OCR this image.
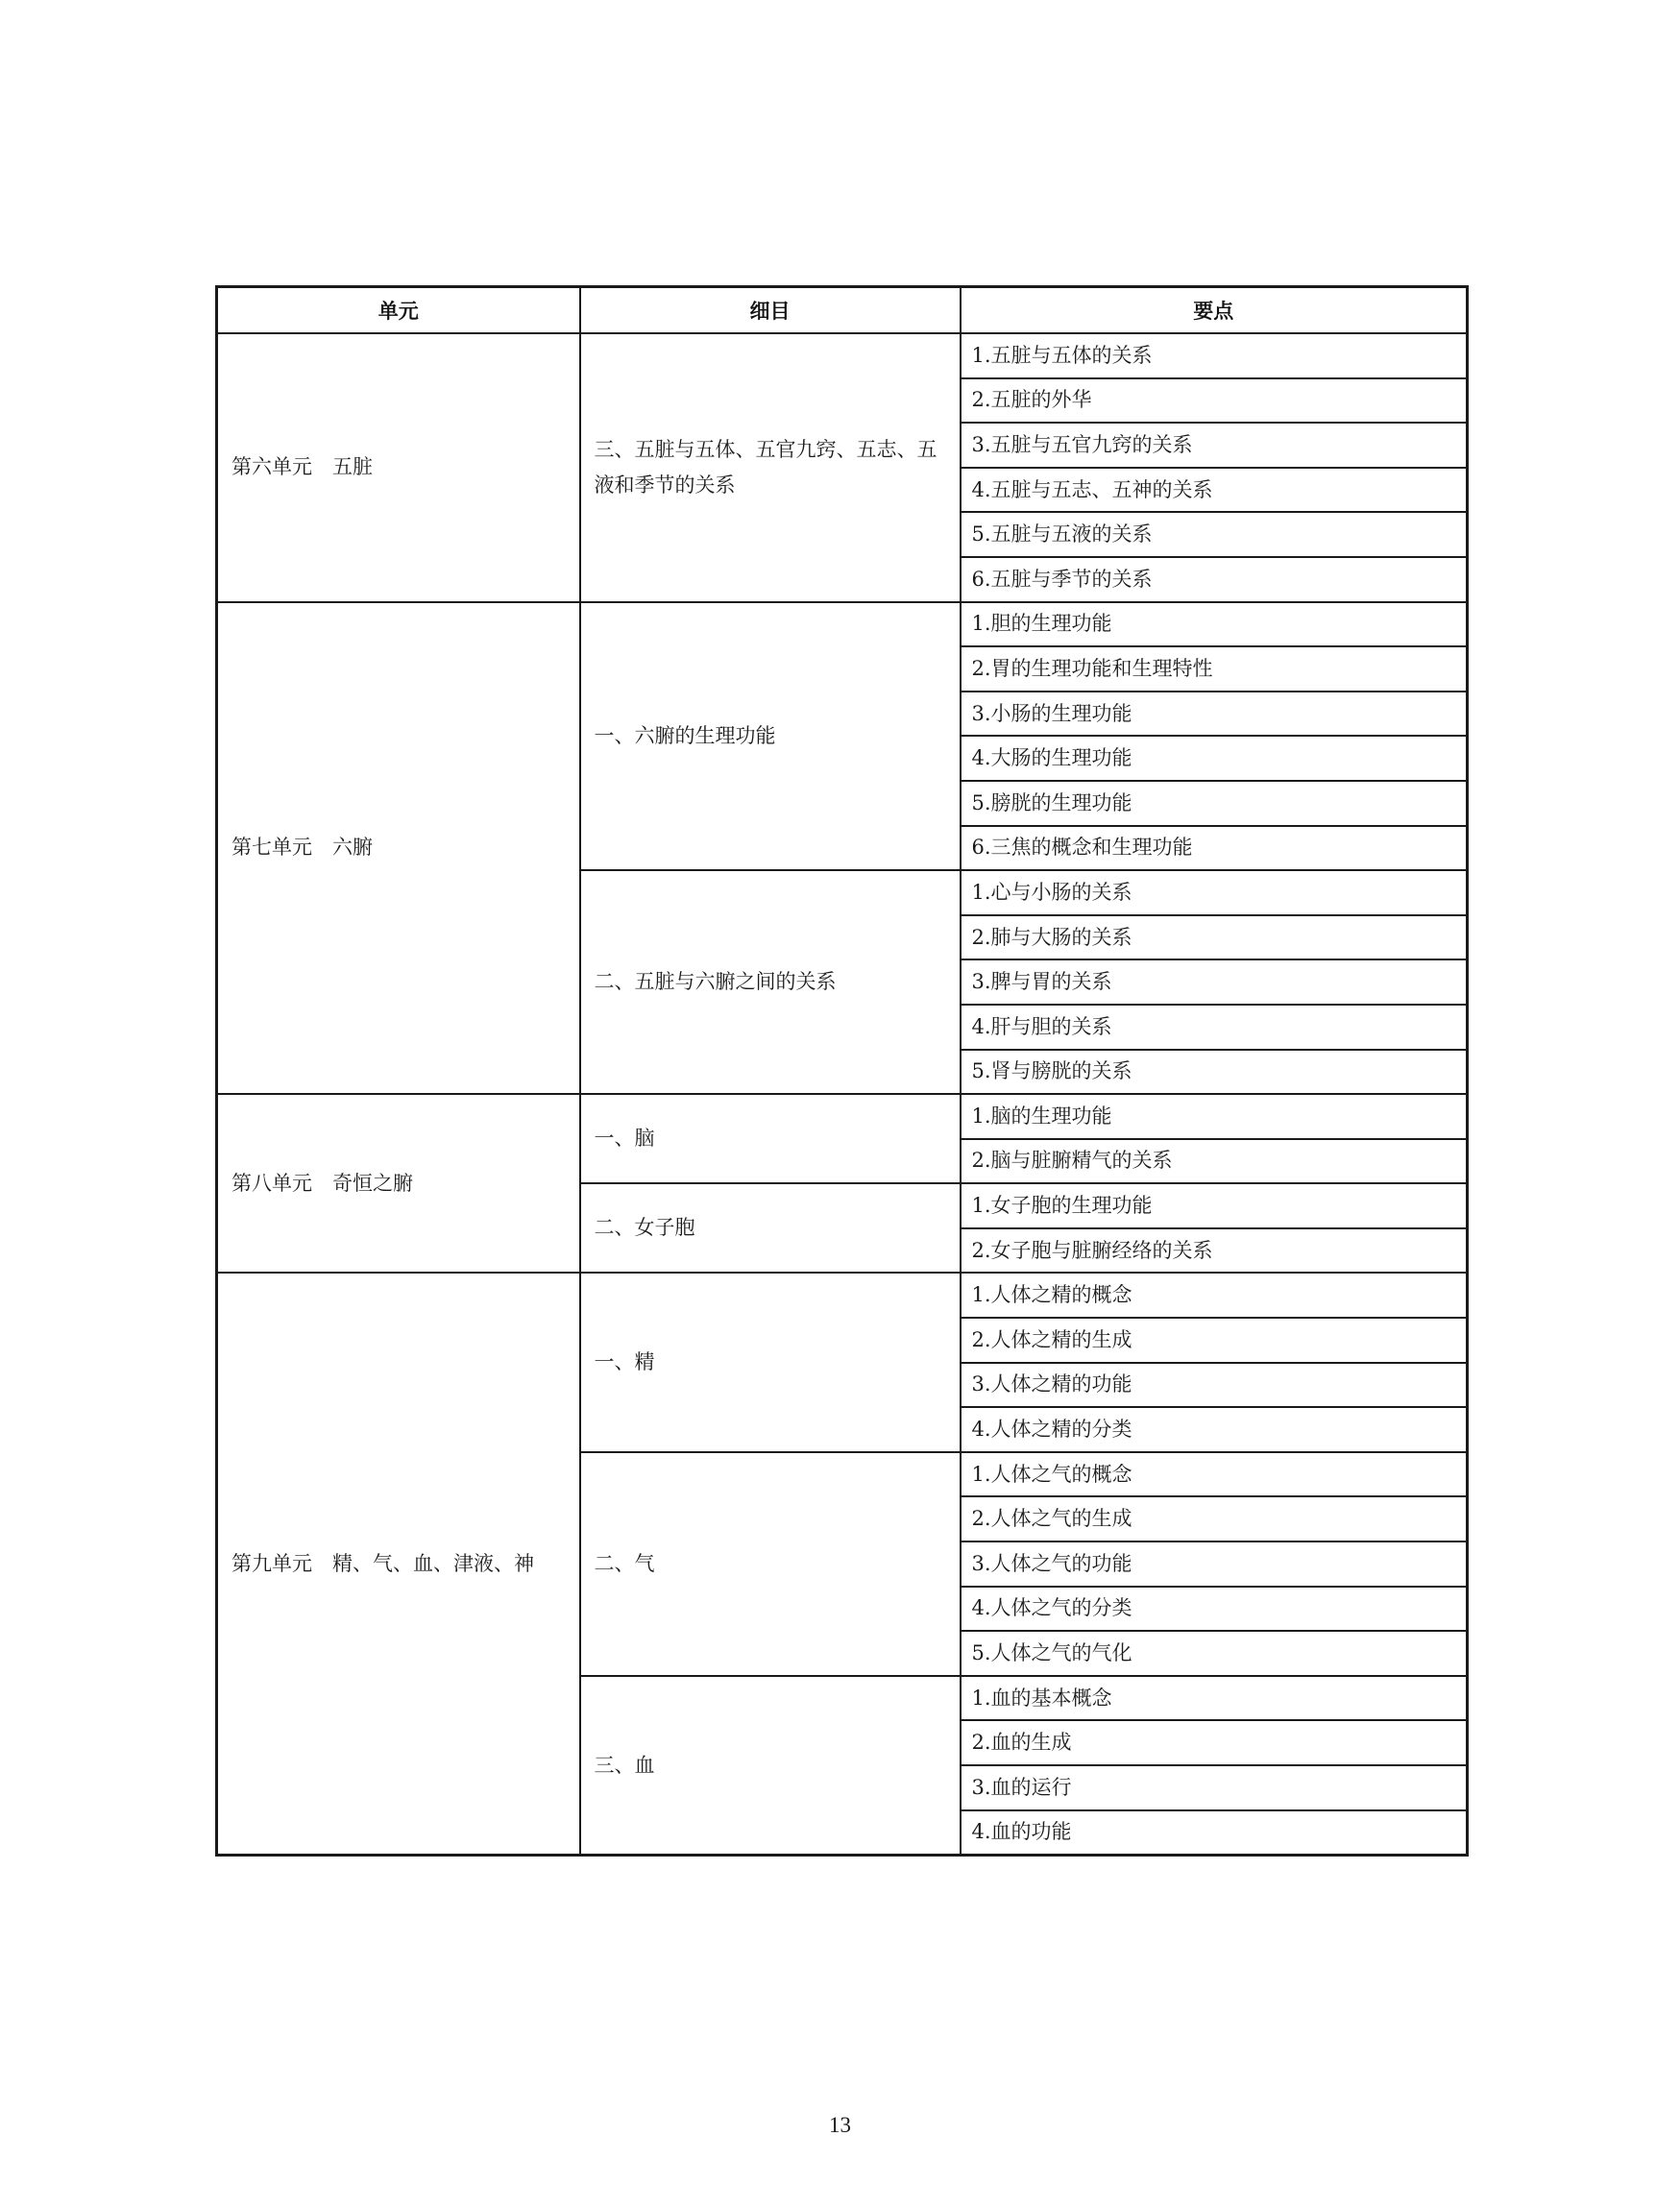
单元	细目	要点
第六单元　五脏	三、五脏与五体、五官九窍、五志、五液和季节的关系	1.五脏与五体的关系
		2.五脏的外华
		3.五脏与五官九窍的关系
		4.五脏与五志、五神的关系
		5.五脏与五液的关系
		6.五脏与季节的关系
第七单元　六腑	一、六腑的生理功能	1.胆的生理功能
		2.胃的生理功能和生理特性
		3.小肠的生理功能
		4.大肠的生理功能
		5.膀胱的生理功能
		6.三焦的概念和生理功能
	二、五脏与六腑之间的关系	1.心与小肠的关系
		2.肺与大肠的关系
		3.脾与胃的关系
		4.肝与胆的关系
		5.肾与膀胱的关系
第八单元　奇恒之腑	一、脑	1.脑的生理功能
		2.脑与脏腑精气的关系
	二、女子胞	1.女子胞的生理功能
		2.女子胞与脏腑经络的关系
第九单元　精、气、血、津液、神	一、精	1.人体之精的概念
		2.人体之精的生成
		3.人体之精的功能
		4.人体之精的分类
	二、气	1.人体之气的概念
		2.人体之气的生成
		3.人体之气的功能
		4.人体之气的分类
		5.人体之气的气化
	三、血	1.血的基本概念
		2.血的生成
		3.血的运行
		4.血的功能
13
